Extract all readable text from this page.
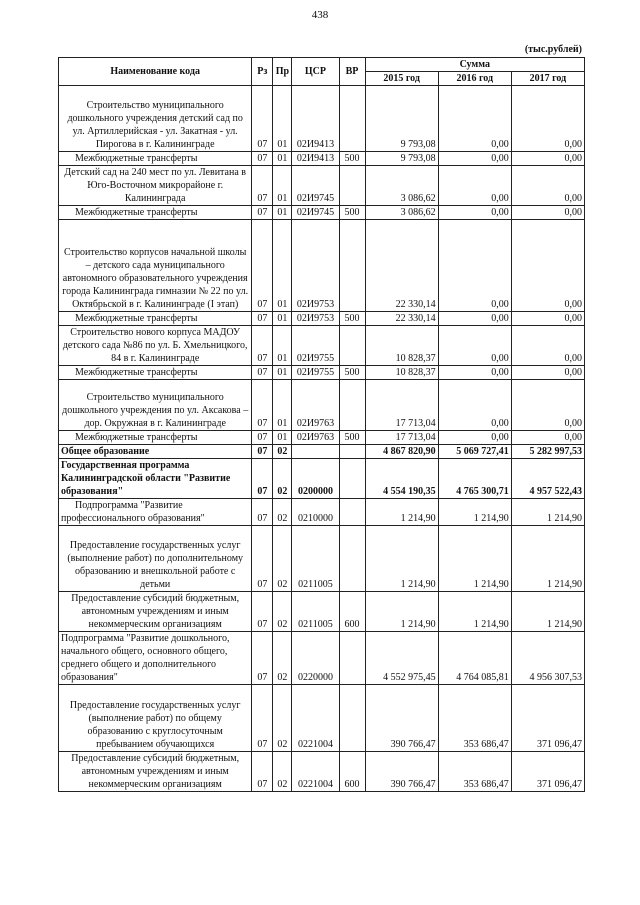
438
(тыс.рублей)
Наименование кода	Рз	Пр	ЦСР	ВР	Сумма		
					2015 год	2016 год	2017 год
Строительство муниципального дошкольного учреждения детский сад по ул. Артиллерийская - ул. Закатная - ул. Пирогова в г. Калининграде	07	01	02И9413		9 793,08	0,00	0,00
Межбюджетные трансферты	07	01	02И9413	500	9 793,08	0,00	0,00
Детский сад на 240 мест по ул. Левитана в Юго-Восточном микрорайоне г. Калининграда	07	01	02И9745		3 086,62	0,00	0,00
Межбюджетные трансферты	07	01	02И9745	500	3 086,62	0,00	0,00
Строительство корпусов начальной школы – детского сада муниципального автономного образовательного учреждения города Калининграда гимназии № 22 по ул. Октябрьской в г. Калининграде (I этап)	07	01	02И9753		22 330,14	0,00	0,00
Межбюджетные трансферты	07	01	02И9753	500	22 330,14	0,00	0,00
Строительство нового корпуса МАДОУ детского сада №86 по ул. Б. Хмельницкого, 84 в г. Калининграде	07	01	02И9755		10 828,37	0,00	0,00
Межбюджетные трансферты	07	01	02И9755	500	10 828,37	0,00	0,00
Строительство муниципального дошкольного учреждения по ул. Аксакова – дор. Окружная в г. Калининграде	07	01	02И9763		17 713,04	0,00	0,00
Межбюджетные трансферты	07	01	02И9763	500	17 713,04	0,00	0,00
Общее образование	07	02			4 867 820,90	5 069 727,41	5 282 997,53
Государственная программа Калининградской области "Развитие образования"	07	02	0200000		4 554 190,35	4 765 300,71	4 957 522,43
Подпрограмма "Развитие профессионального образования"	07	02	0210000		1 214,90	1 214,90	1 214,90
Предоставление государственных услуг (выполнение работ) по дополнительному образованию и внешкольной работе с детьми	07	02	0211005		1 214,90	1 214,90	1 214,90
Предоставление субсидий бюджетным, автономным учреждениям и иным некоммерческим организациям	07	02	0211005	600	1 214,90	1 214,90	1 214,90
Подпрограмма "Развитие дошкольного, начального общего, основного общего, среднего общего и дополнительного образования"	07	02	0220000		4 552 975,45	4 764 085,81	4 956 307,53
Предоставление государственных услуг (выполнение работ) по общему образованию с круглосуточным пребыванием обучающихся	07	02	0221004		390 766,47	353 686,47	371 096,47
Предоставление субсидий бюджетным, автономным учреждениям и иным некоммерческим организациям	07	02	0221004	600	390 766,47	353 686,47	371 096,47
